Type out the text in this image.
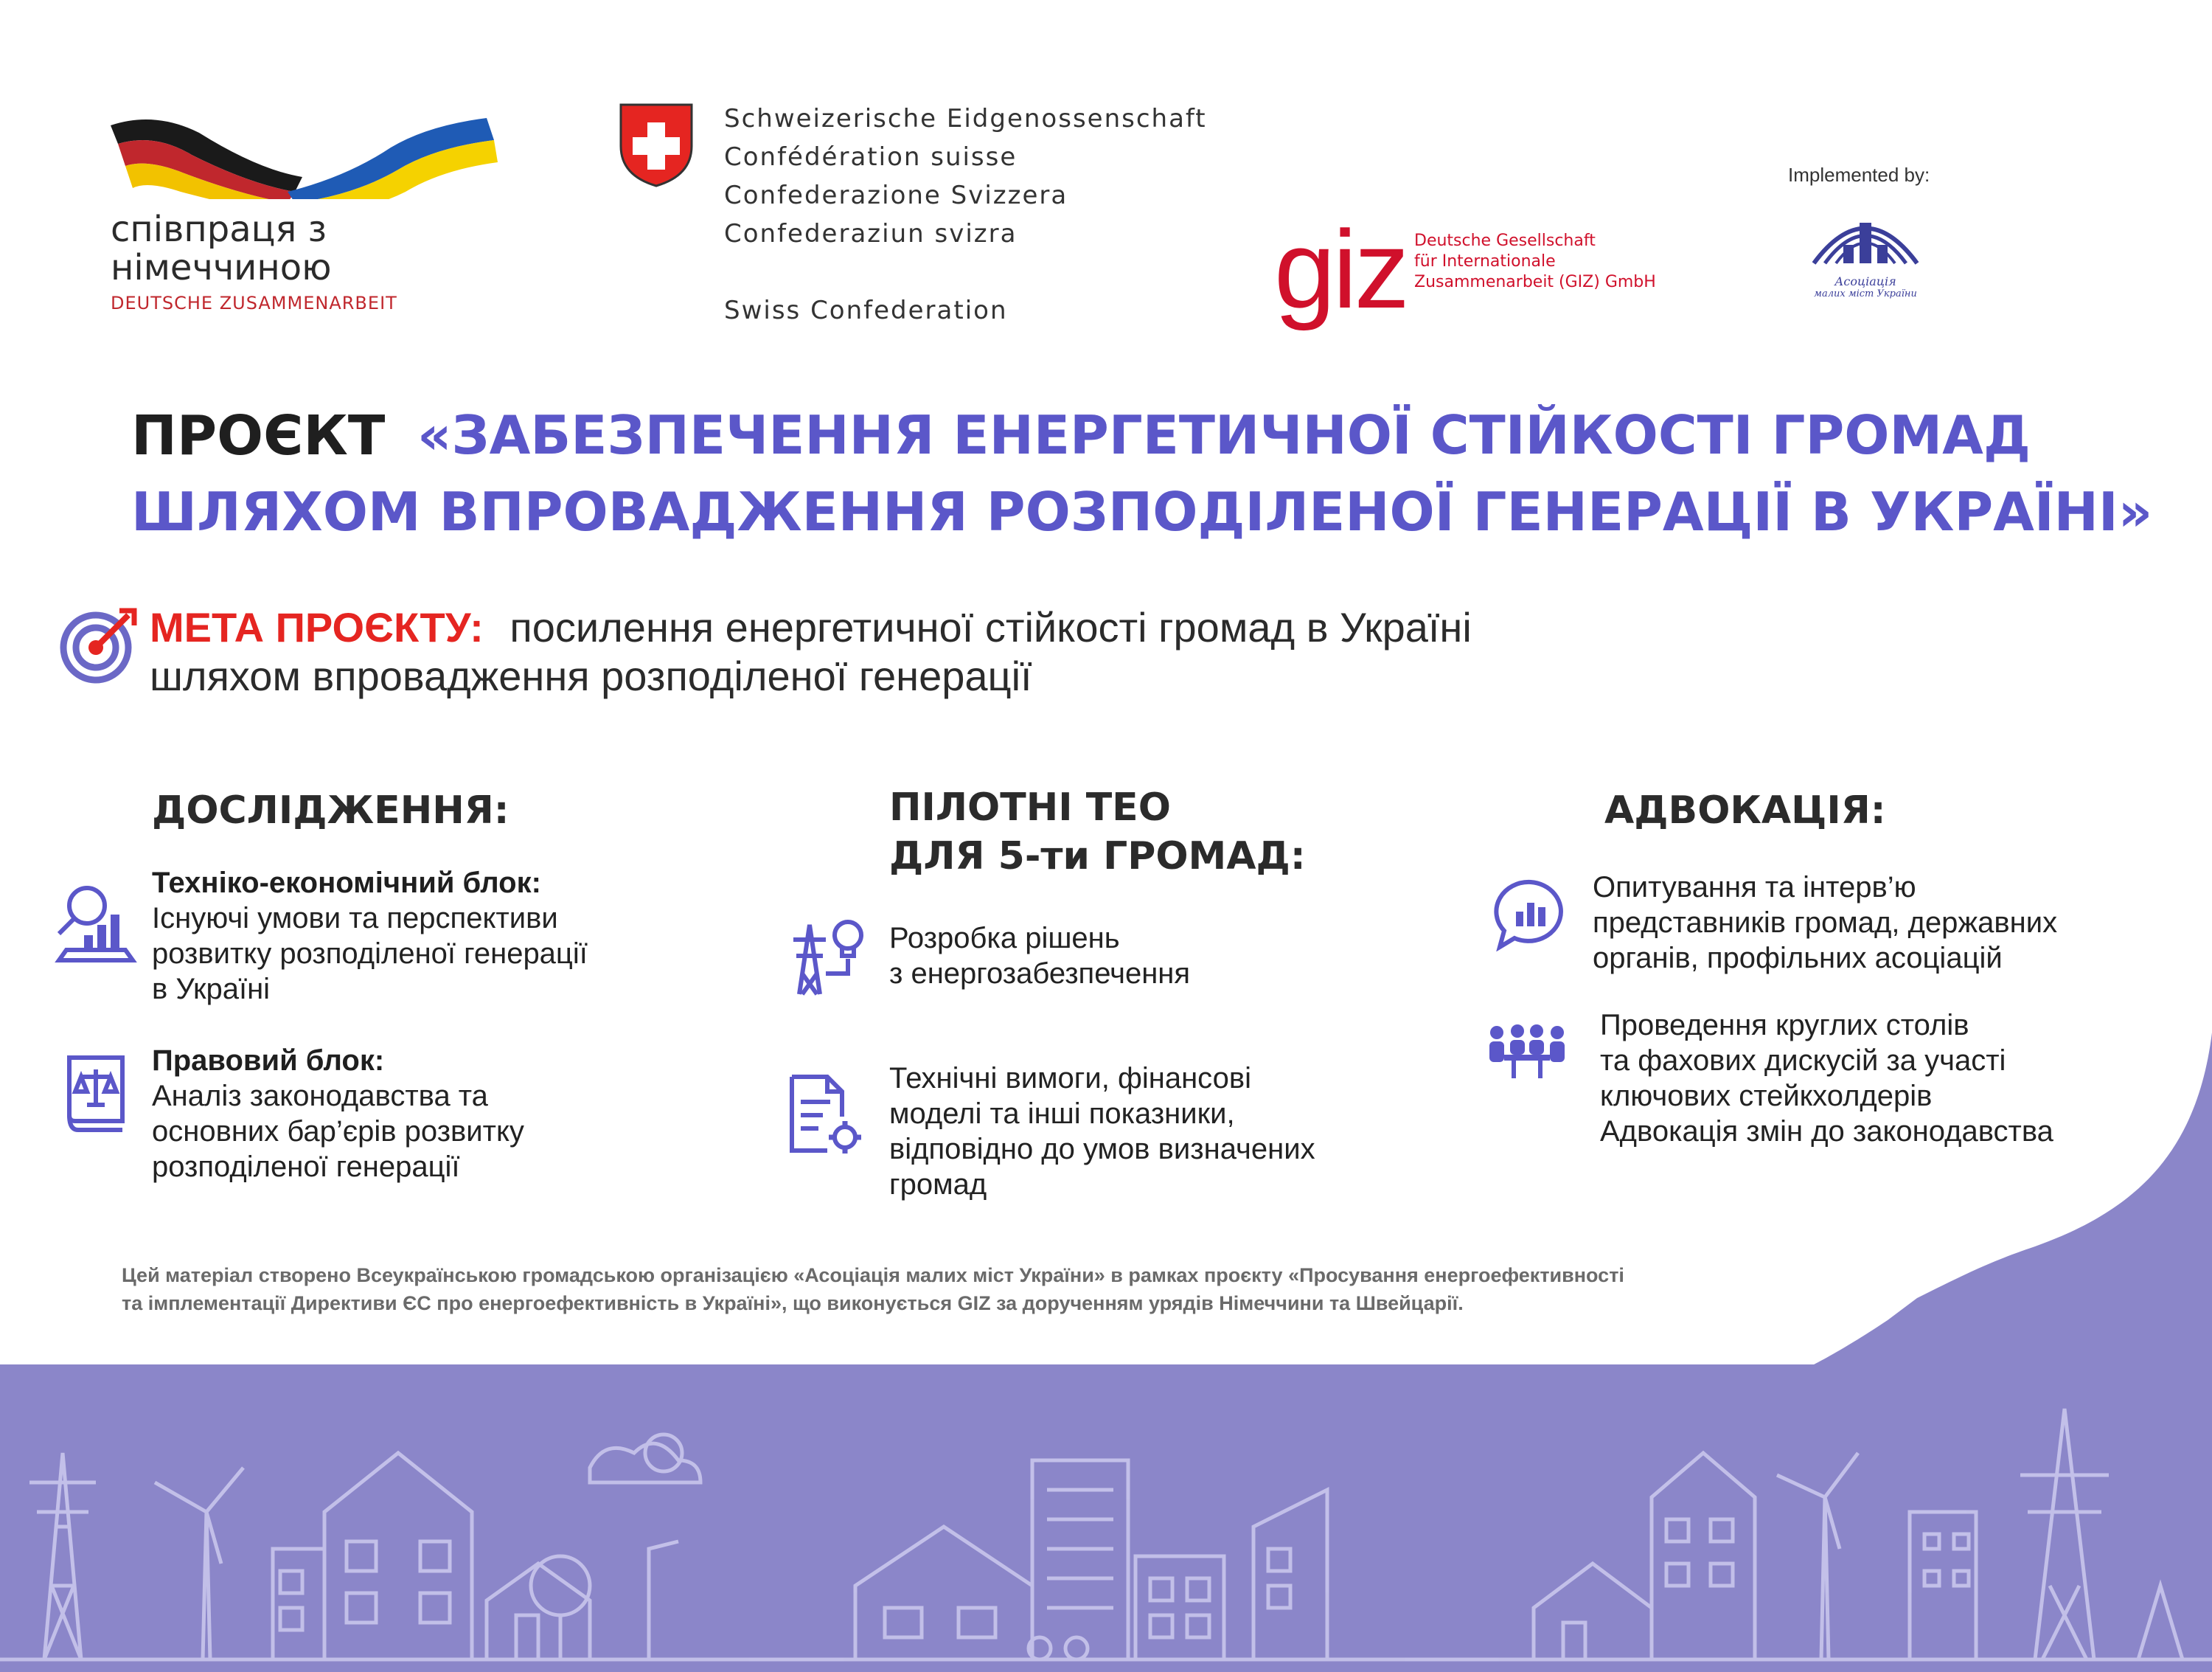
співпраця з
німеччиною
DEUTSCHE ZUSAMMENARBEIT
Schweizerische Eidgenossenschaft
Confédération suisse
Confederazione Svizzera
Confederaziun svizra
Swiss Confederation	giz Deutsche Gesellschaft
für Internationale
Zusammenarbeit (GIZ) GmbH
Implemented by:
Асоціація
малих міст України
ПРОЄКТ «ЗАБЕЗПЕЧЕННЯ ЕНЕРГЕТИЧНОЇ СТІЙКОСТІ ГРОМАД
ШЛЯХОМ ВПРОВАДЖЕННЯ РОЗПОДІЛЕНОЇ ГЕНЕРАЦІЇ В УКРАЇНІ»
МЕТА ПРОЄКТУ: посилення енергетичної стійкості громад в Україні
шляхом впровадження розподіленої генерації
ДОСЛІДЖЕННЯ:
Техніко-економічний блок:
Існуючі умови та перспективи
розвитку розподіленої генерації
в Україні
Правовий блок:
Аналіз законодавства та
основних бар’єрів розвитку
розподіленої генерації
ПІЛОТНІ ТЕО
ДЛЯ 5-ти ГРОМАД:
Розробка рішень
з енергозабезпечення
Технічні вимоги, фінансові
моделі та інші показники,
відповідно до умов визначених
громад
АДВОКАЦІЯ:
Опитування та інтерв’ю
представників громад, державних
органів, профільних асоціацій
Проведення круглих столів
та фахових дискусій за участі
ключових стейкхолдерів
Адвокація змін до законодавства
Цей матеріал створено Всеукраїнською громадською організацією «Асоціація малих міст України» в рамках проєкту «Просування енергоефективності
та імплементації Директиви ЄС про енергоефективність в Україні», що виконується GIZ за дорученням урядів Німеччини та Швейцарії.
